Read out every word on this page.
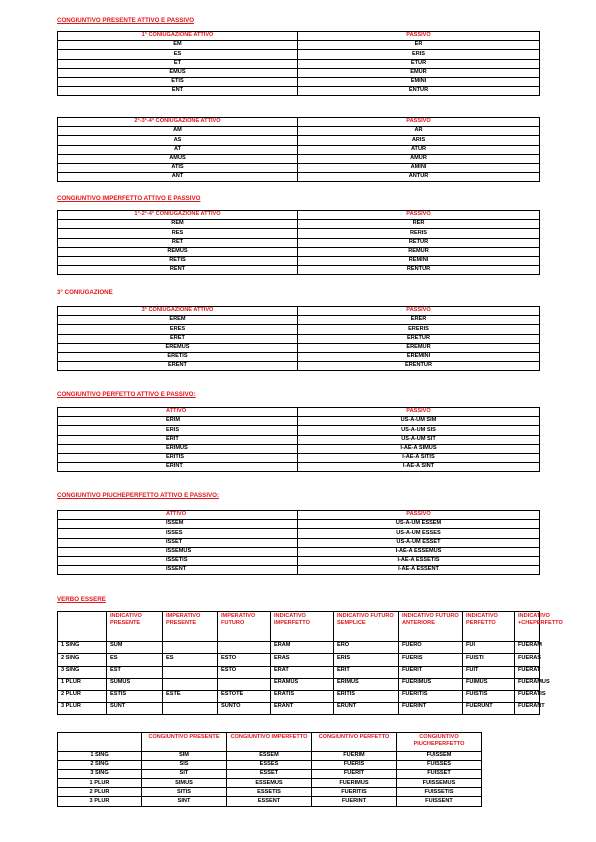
CONGIUNTIVO PRESENTE ATTIVO E PASSIVO
1° CONIUGAZIONE ATTIVO	PASSIVO
EM	ER
ES	ERIS
ET	ETUR
EMUS	EMUR
ETIS	EMINI
ENT	ENTUR
2°-3°-4° CONIUGAZIONE ATTIVO	PASSIVO
AM	AR
AS	ARIS
AT	ATUR
AMUS	AMUR
ATIS	AMINI
ANT	ANTUR
CONGIUNTIVO IMPERFETTO ATTIVO E PASSIVO
1°-2°-4° CONIUGAZIONE ATTIVO	PASSIVO
REM	RER
RES	RERIS
RET	RETUR
REMUS	REMUR
RETIS	REMINI
RENT	RENTUR
3° CONIUGAZIONE
3° CONIUGAZIONE ATTIVO	PASSIVO
EREM	ERER
ERES	ERERIS
ERET	ERETUR
EREMUS	EREMUR
ERETIS	EREMINI
ERENT	ERENTUR
CONGIUNTIVO PERFETTO ATTIVO E PASSIVO:
ATTIVO	PASSIVO
ERIM	US-A-UM SIM
ERIS	US-A-UM SIS
ERIT	US-A-UM SIT
ERIMUS	I-AE-A SIMUS
ERITIS	I-AE-A SITIS
ERINT	I-AE-A SINT
CONGIUNTIVO PIUCHEPERFETTO ATTIVO E PASSIVO:
ATTIVO	PASSIVO
ISSEM	US-A-UM ESSEM
ISSES	US-A-UM ESSES
ISSET	US-A-UM ESSET
ISSEMUS	I-AE-A ESSEMUS
ISSETIS	I-AE-A ESSETIS
ISSENT	I-AE-A ESSENT
VERBO ESSERE
	INDICATIVO PRESENTE	IMPERATIVO PRESENTE	IMPERATIVO FUTURO	INDICATIVO IMPERFETTO	INDICATIVO FUTURO SEMPLICE	INDICATIVO FUTURO ANTERIORE	INDICATIVO PERFETTO	INDICATIVO +CHEPERFETTO
1 SING	SUM			ERAM	ERO	FUERO	FUI	FUERAM
2 SING	ES	ES	ESTO	ERAS	ERIS	FUERIS	FUISTI	FUERAS
3 SING	EST		ESTO	ERAT	ERIT	FUERIT	FUIT	FUERAT
1 PLUR	SUMUS			ERAMUS	ERIMUS	FUERIMUS	FUIMUS	FUERAMUS
2 PLUR	ESTIS	ESTE	ESTOTE	ERATIS	ERITIS	FUERITIS	FUISTIS	FUERATIS
3 PLUR	SUNT		SUNTO	ERANT	ERUNT	FUERINT	FUERUNT	FUERANT
	CONGIUNTIVO PRESENTE	CONGIUNTIVO IMPERFETTO	CONGIUNTIVO PERFETTO	CONGIUNTIVO PIUCHEPERFETTO
1 SING	SIM	ESSEM	FUERIM	FUISSEM
2 SING	SIS	ESSES	FUERIS	FUISSES
3 SING	SIT	ESSET	FUERIT	FUISSET
1 PLUR	SIMUS	ESSEMUS	FUERIMUS	FUISSEMUS
2 PLUR	SITIS	ESSETIS	FUERITIS	FUISSETIS
3 PLUR	SINT	ESSENT	FUERINT	FUISSENT
